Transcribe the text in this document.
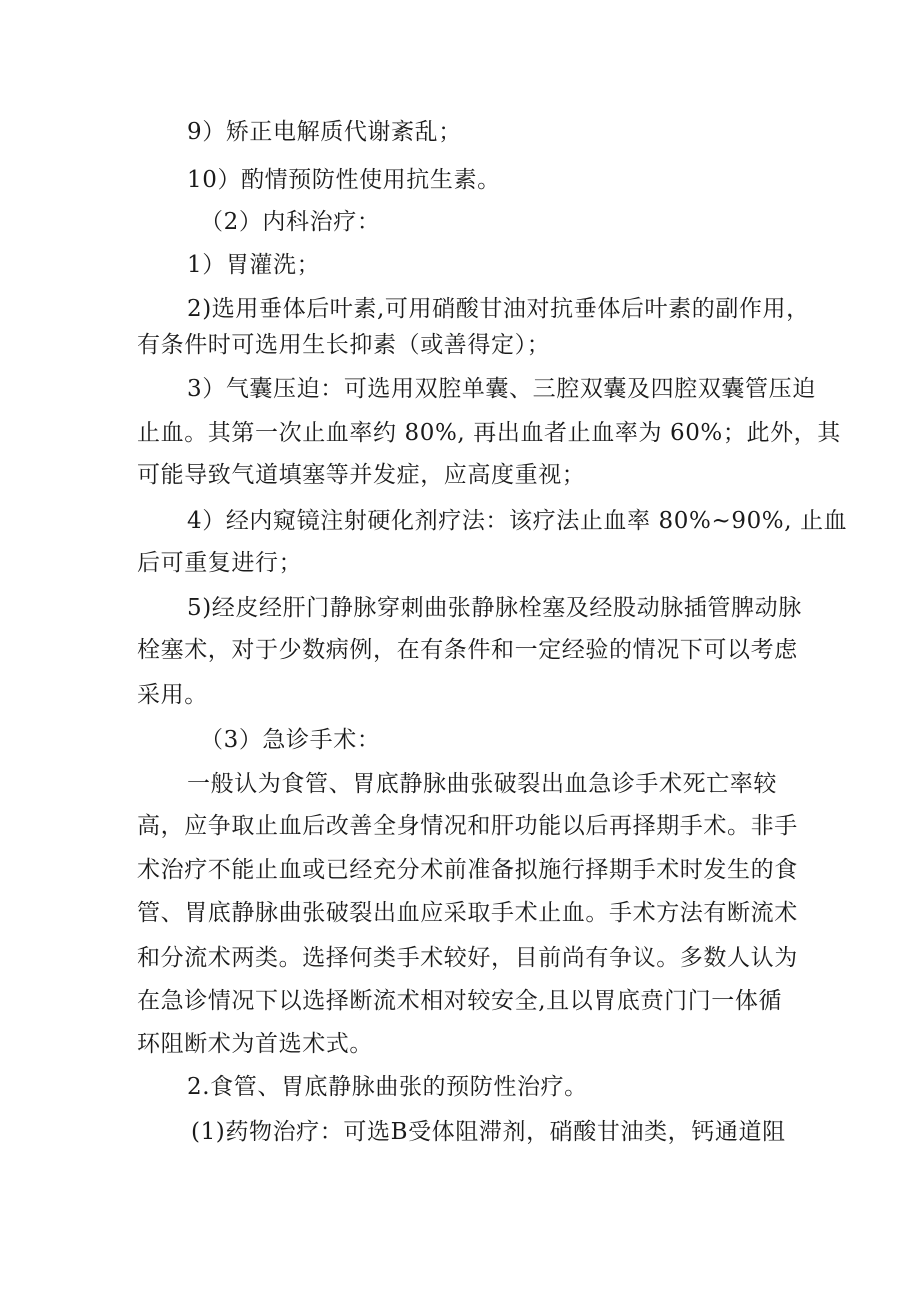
9）矫正电解质代谢紊乱；
10）酌情预防性使用抗生素。
（2）内科治疗：
1）胃灌洗；
2)选用垂体后叶素,可用硝酸甘油对抗垂体后叶素的副作用，
有条件时可选用生长抑素（或善得定）；
3）气囊压迫：可选用双腔单囊、三腔双囊及四腔双囊管压迫
止血。其第一次止血率约 80%, 再出血者止血率为 60%；此外，其
可能导致气道填塞等并发症，应高度重视；
4）经内窥镜注射硬化剂疗法：该疗法止血率 80%~90%, 止血
后可重复进行；
5)经皮经肝门静脉穿刺曲张静脉栓塞及经股动脉插管脾动脉
栓塞术，对于少数病例，在有条件和一定经验的情况下可以考虑
采用。
（3）急诊手术：
一般认为食管、胃底静脉曲张破裂出血急诊手术死亡率较
高，应争取止血后改善全身情况和肝功能以后再择期手术。非手
术治疗不能止血或已经充分术前准备拟施行择期手术时发生的食
管、胃底静脉曲张破裂出血应采取手术止血。手术方法有断流术
和分流术两类。选择何类手术较好，目前尚有争议。多数人认为
在急诊情况下以选择断流术相对较安全,且以胃底贲门门一体循
环阻断术为首选术式。
2.食管、胃底静脉曲张的预防性治疗。
(1)药物治疗：可选Β受体阻滞剂，硝酸甘油类，钙通道阻
